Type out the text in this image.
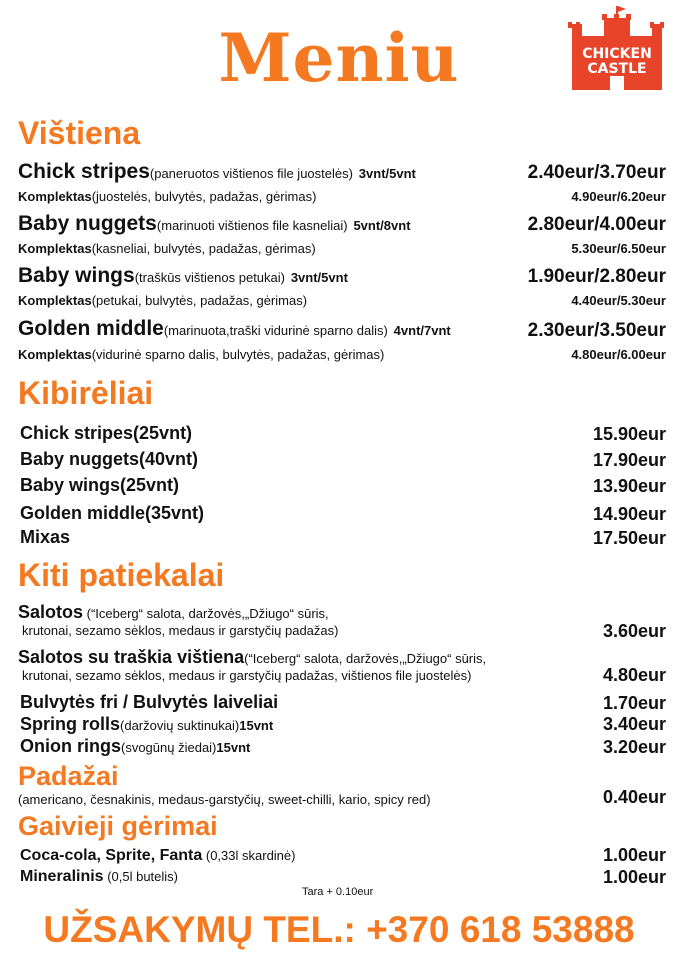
Meniu	CHICKEN
CASTLE
Vištiena
Chick stripes(paneruotos vištienos file juostelės) 3vnt/5vnt	2.40eur/3.70eur
Komplektas(juostelės, bulvytės, padažas, gėrimas)	4.90eur/6.20eur
Baby nuggets(marinuoti vištienos file kasneliai) 5vnt/8vnt	2.80eur/4.00eur
Komplektas(kasneliai, bulvytės, padažas, gėrimas)	5.30eur/6.50eur
Baby wings(traškūs vištienos petukai) 3vnt/5vnt	1.90eur/2.80eur
Komplektas(petukai, bulvytės, padažas, gėrimas)	4.40eur/5.30eur
Golden middle(marinuota,traški vidurinė sparno dalis) 4vnt/7vnt	2.30eur/3.50eur
Komplektas(vidurinė sparno dalis, bulvytės, padažas, gėrimas)	4.80eur/6.00eur
Kibirėliai
Chick stripes(25vnt)	15.90eur
Baby nuggets(40vnt)	17.90eur
Baby wings(25vnt)	13.90eur
Golden middle(35vnt)	14.90eur
Mixas	17.50eur
Kiti patiekalai
Salotos (“Iceberg“ salota, daržovės,„Džiugo“ sūris,
krutonai, sezamo sėklos, medaus ir garstyčių padažas)	3.60eur
Salotos su traškia vištiena(“Iceberg“ salota, daržovės,„Džiugo“ sūris,
krutonai, sezamo sėklos, medaus ir garstyčių padažas, vištienos file juostelės)	4.80eur
Bulvytės fri / Bulvytės laiveliai	1.70eur
Spring rolls(daržovių suktinukai)15vnt	3.40eur
Onion rings(svogūnų žiedai)15vnt	3.20eur
Padažai
(americano, česnakinis, medaus-garstyčių, sweet-chilli, kario, spicy red)	0.40eur
Gaivieji gėrimai
Coca-cola, Sprite, Fanta (0,33l skardinė)	1.00eur
Mineralinis (0,5l butelis)	1.00eur
Tara + 0.10eur
UŽSAKYMŲ TEL.: +370 618 53888
